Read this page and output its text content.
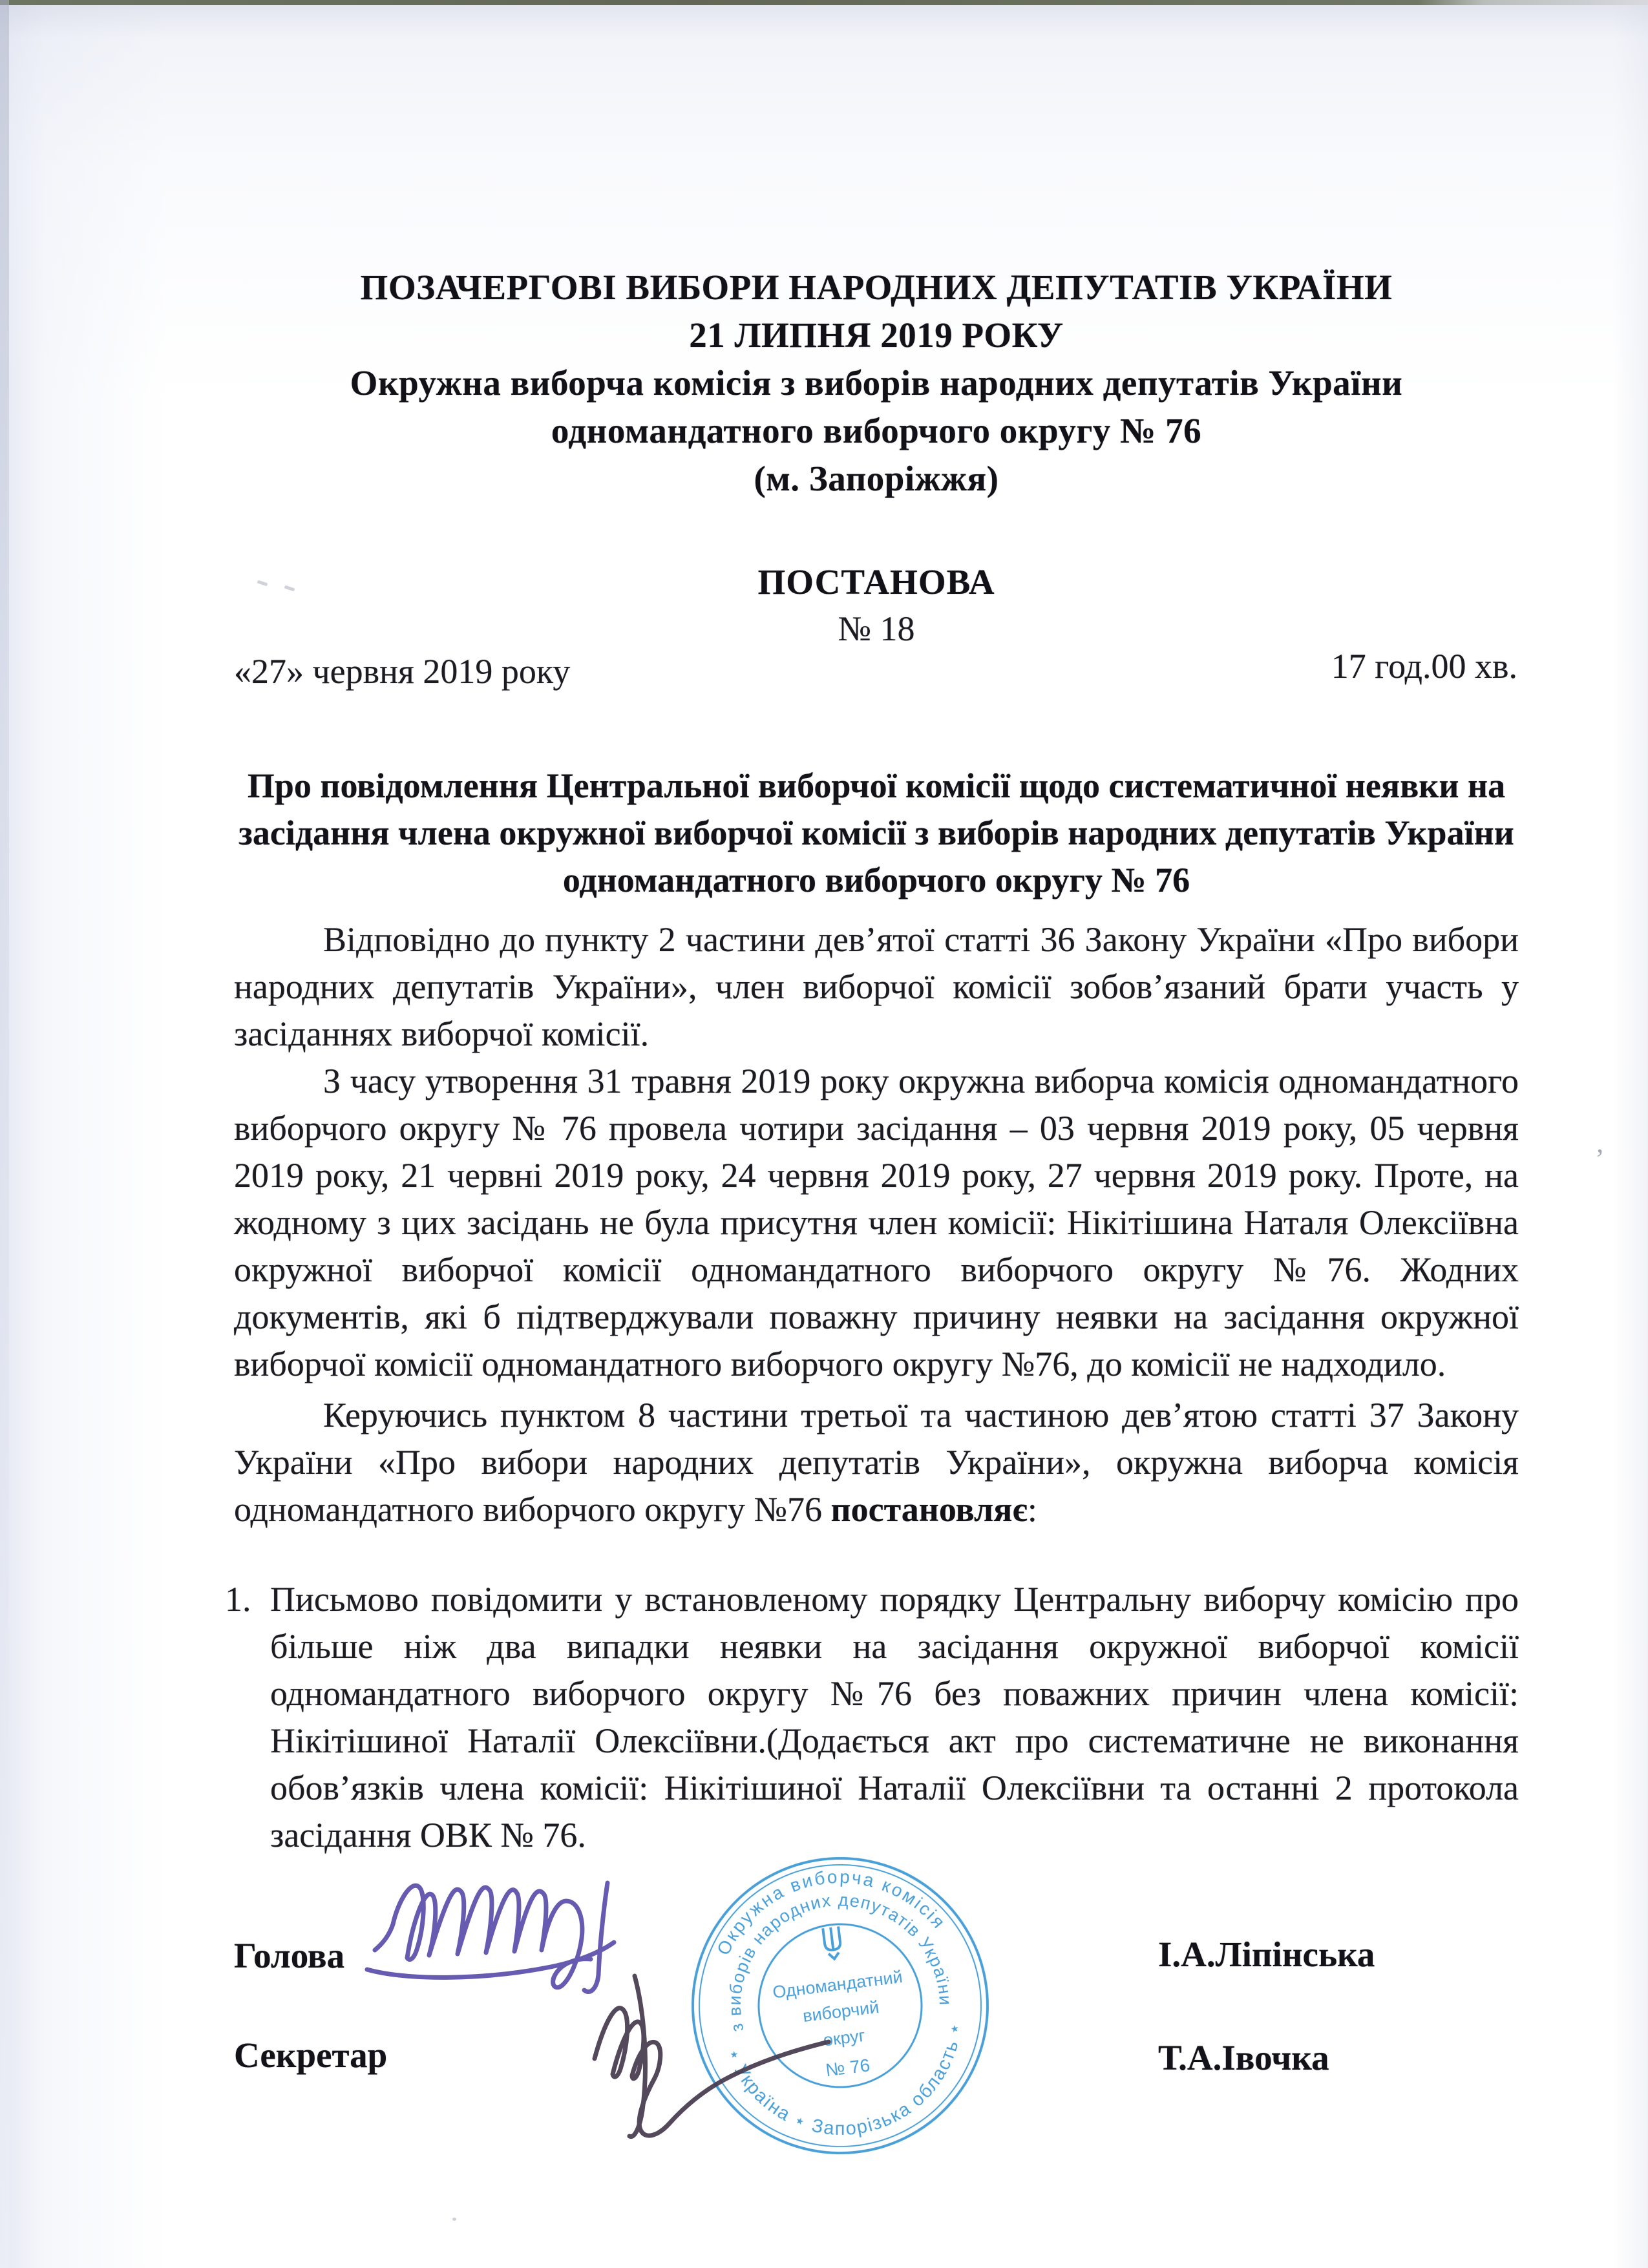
ПОЗАЧЕРГОВІ ВИБОРИ НАРОДНИХ ДЕПУТАТІВ УКРАЇНИ
21 ЛИПНЯ 2019 РОКУ
Окружна виборча комісія з виборів народних депутатів України
одномандатного виборчого округу № 76
(м. Запоріжжя)
ПОСТАНОВА
№ 18
«27» червня 2019 року	17 год.00 хв.
Про повідомлення Центральної виборчої комісії щодо систематичної неявки на засідання члена окружної виборчої комісії з виборів народних депутатів України одномандатного виборчого округу № 76

Відповідно до пункту 2 частини дев’ятої статті 36 Закону України «Про вибори народних депутатів України», член виборчої комісії зобов’язаний брати участь у засіданнях виборчої комісії.

З часу утворення 31 травня 2019 року окружна виборча комісія одномандатного виборчого округу № 76 провела чотири засідання – 03 червня 2019 року, 05 червня 2019 року, 21 червні 2019 року, 24 червня 2019 року, 27 червня 2019 року. Проте, на жодному з цих засідань не була присутня член комісії: Нікітішина Наталя Олексіївна окружної виборчої комісії одномандатного виборчого округу №76. Жодних документів, які б підтверджували поважну причину неявки на засідання окружної виборчої комісії одномандатного виборчого округу №76, до комісії не надходило.

Керуючись пунктом 8 частини третьої та частиною дев’ятою статті 37 Закону України «Про вибори народних депутатів України», окружна виборча комісія одномандатного виборчого округу №76 постановляє:

1. Письмово повідомити у встановленому порядку Центральну виборчу комісію про більше ніж два випадки неявки на засідання окружної виборчої комісії одномандатного виборчого округу №76 без поважних причин члена комісії: Нікітішиної Наталії Олексіївни.(Додається акт про систематичне не виконання обов’язків члена комісії: Нікітішиної Наталії Олексіївни та останні 2 протокола засідання ОВК № 76.
Голова	І.А.Ліпінська
Секретар	Т.А.Івочка
Окружна виборча комісія
⋆ Україна ⋆ Запорізька область ⋆
з виборів народних депутатів України
Одномандатний
виборчий
округ
№ 76
’
